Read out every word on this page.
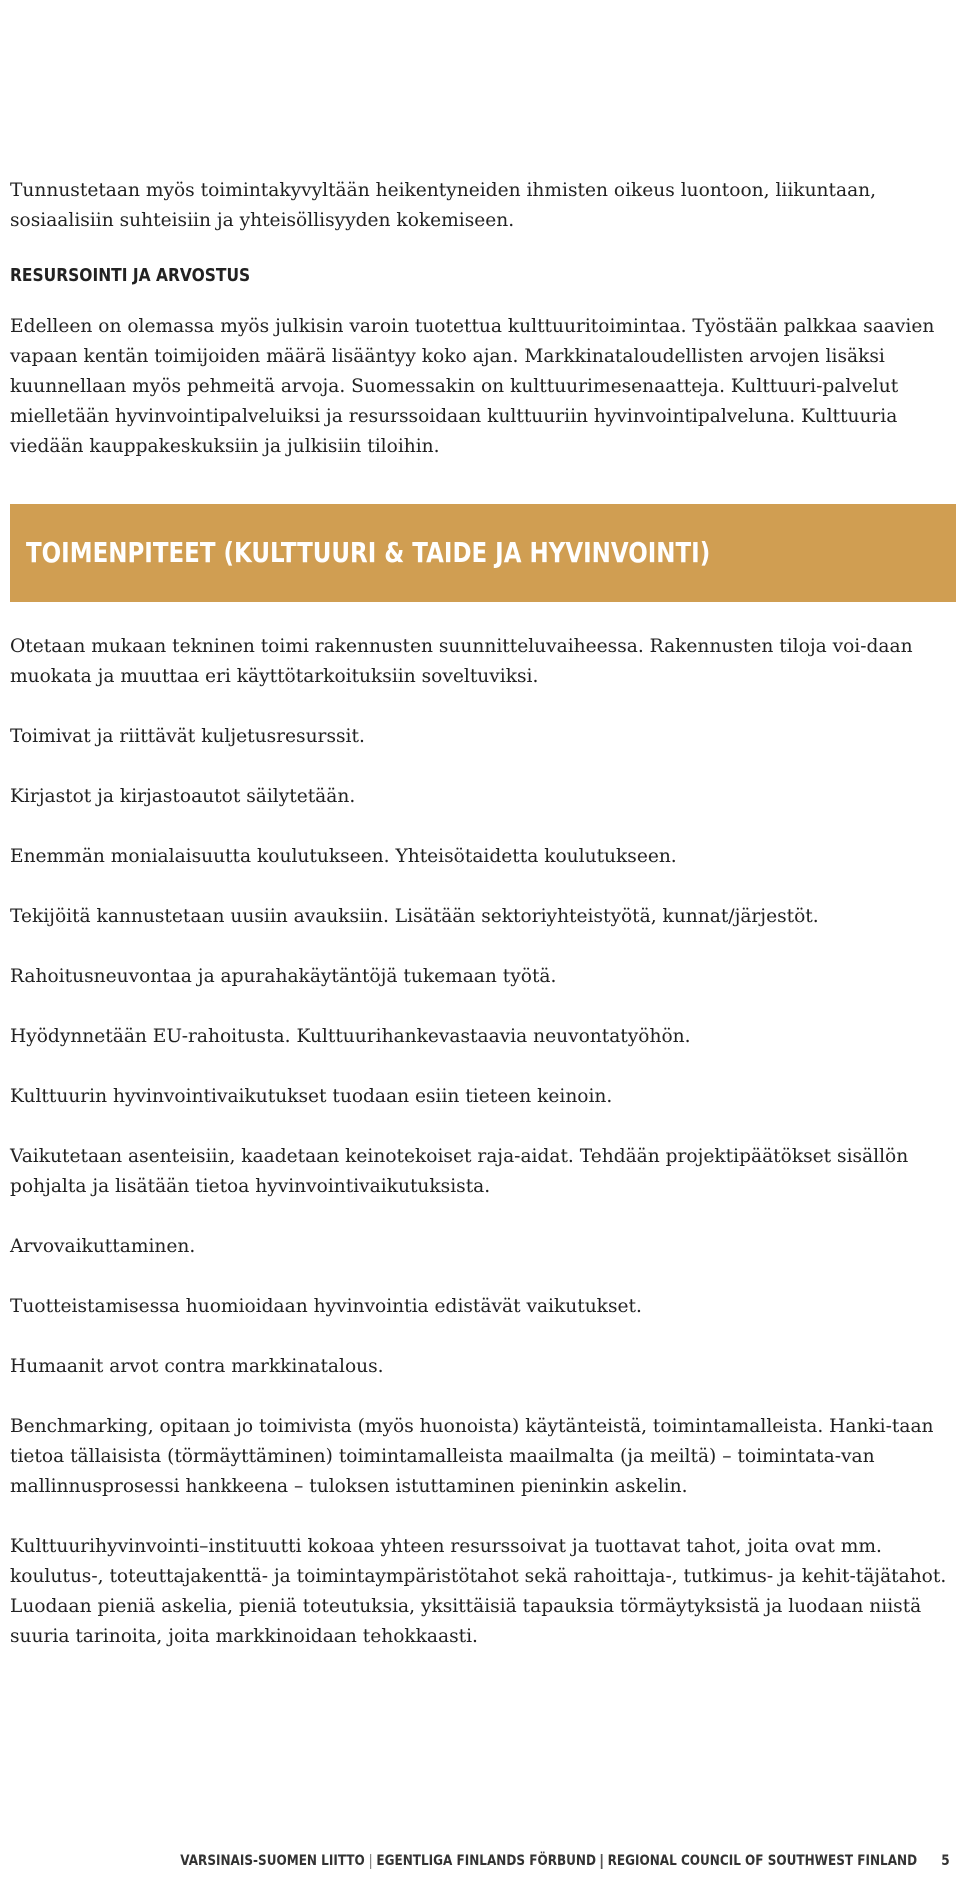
Tunnustetaan myös toimintakyvyltään heikentyneiden ihmisten oikeus luontoon, liikuntaan, sosiaalisiin suhteisiin ja yhteisöllisyyden kokemiseen.

RESURSOINTI JA ARVOSTUS

Edelleen on olemassa myös julkisin varoin tuotettua kulttuuritoimintaa. Työstään palkkaa saavien vapaan kentän toimijoiden määrä lisääntyy koko ajan. Markkinataloudellisten arvojen lisäksi kuunnellaan myös pehmeitä arvoja. Suomessakin on kulttuurimesenaatteja. Kulttuuri-palvelut mielletään hyvinvointipalveluiksi ja resurssoidaan kulttuuriin hyvinvointipalveluna. Kulttuuria viedään kauppakeskuksiin ja julkisiin tiloihin.

TOIMENPITEET (KULTTUURI & TAIDE JA HYVINVOINTI)

Otetaan mukaan tekninen toimi rakennusten suunnitteluvaiheessa. Rakennusten tiloja voi-daan muokata ja muuttaa eri käyttötarkoituksiin soveltuviksi.

Toimivat ja riittävät kuljetusresurssit.

Kirjastot ja kirjastoautot säilytetään.

Enemmän monialaisuutta koulutukseen. Yhteisötaidetta koulutukseen.

Tekijöitä kannustetaan uusiin avauksiin. Lisätään sektoriyhteistyötä, kunnat/järjestöt.

Rahoitusneuvontaa ja apurahakäytäntöjä tukemaan työtä.

Hyödynnetään EU-rahoitusta. Kulttuurihankevastaavia neuvontatyöhön.

Kulttuurin hyvinvointivaikutukset tuodaan esiin tieteen keinoin.

Vaikutetaan asenteisiin, kaadetaan keinotekoiset raja-aidat. Tehdään projektipäätökset sisällön pohjalta ja lisätään tietoa hyvinvointivaikutuksista.

Arvovaikuttaminen.

Tuotteistamisessa huomioidaan hyvinvointia edistävät vaikutukset.

Humaanit arvot contra markkinatalous.

Benchmarking, opitaan jo toimivista (myös huonoista) käytänteistä, toimintamalleista. Hanki-taan tietoa tällaisista (törmäyttäminen) toimintamalleista maailmalta (ja meiltä) – toimintata-van mallinnusprosessi hankkeena – tuloksen istuttaminen pieninkin askelin.

Kulttuurihyvinvointi–instituutti kokoaa yhteen resurssoivat ja tuottavat tahot, joita ovat mm. koulutus-, toteuttajakenttä- ja toimintaympäristötahot sekä rahoittaja-, tutkimus- ja kehit-täjätahot. Luodaan pieniä askelia, pieniä toteutuksia, yksittäisiä tapauksia törmäytyksistä ja luodaan niistä suuria tarinoita, joita markkinoidaan tehokkaasti.

VARSINAIS-SUOMEN LIITTO EGENTLIGA FINLANDS FÖRBUND REGIONAL COUNCIL OF SOUTHWEST FINLAND 5
